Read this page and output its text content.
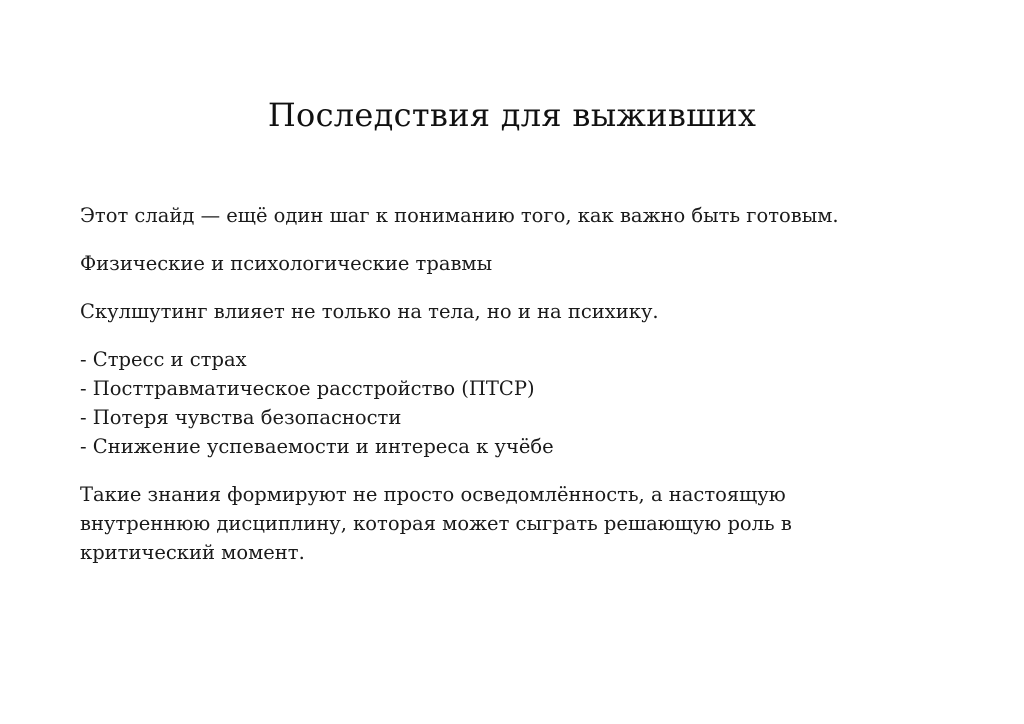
Последствия для выживших

Этот слайд — ещё один шаг к пониманию того, как важно быть готовым.

Физические и психологические травмы

Скулшутинг влияет не только на тела, но и на психику.

- Стресс и страх
- Посттравматическое расстройство (ПТСР)
- Потеря чувства безопасности
- Снижение успеваемости и интереса к учёбе
Такие знания формируют не просто осведомлённость, а настоящую
внутреннюю дисциплину, которая может сыграть решающую роль в
критический момент.
